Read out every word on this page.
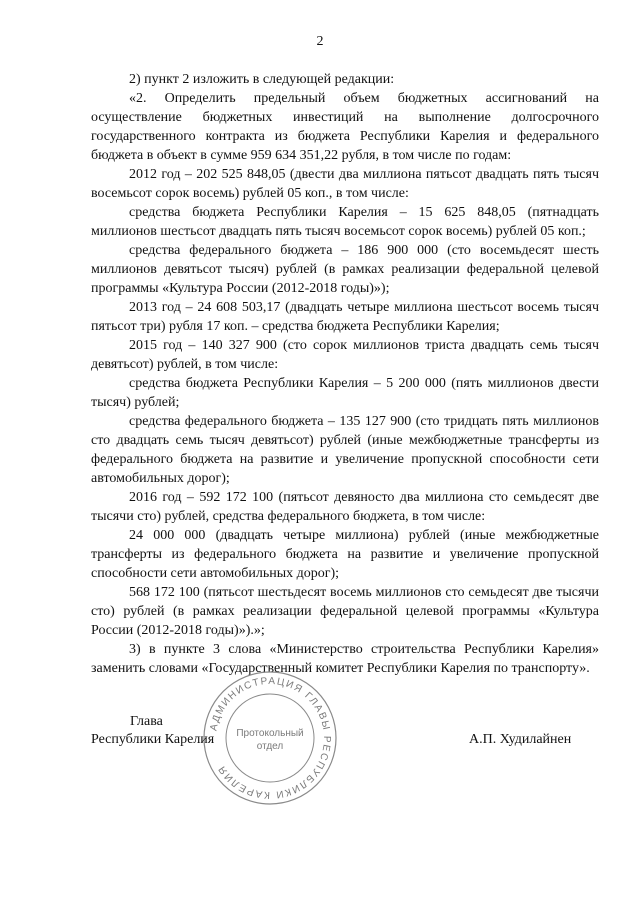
2

2) пункт 2 изложить в следующей редакции:

«2. Определить предельный объем бюджетных ассигнований на осуществление бюджетных инвестиций на выполнение долгосрочного государственного контракта из бюджета Республики Карелия и федерального бюджета в объект в сумме 959 634 351,22 рубля, в том числе по годам:

2012 год – 202 525 848,05 (двести два миллиона пятьсот двадцать пять тысяч восемьсот сорок восемь) рублей 05 коп., в том числе:

средства бюджета Республики Карелия – 15 625 848,05 (пятнадцать миллионов шестьсот двадцать пять тысяч восемьсот сорок восемь) рублей 05 коп.;

средства федерального бюджета – 186 900 000 (сто восемьдесят шесть миллионов девятьсот тысяч) рублей (в рамках реализации федеральной целевой программы «Культура России (2012-2018 годы)»);

2013 год – 24 608 503,17 (двадцать четыре миллиона шестьсот восемь тысяч пятьсот три) рубля 17 коп. – средства бюджета Республики Карелия;

2015 год – 140 327 900 (сто сорок миллионов триста двадцать семь тысяч девятьсот) рублей, в том числе:

средства бюджета Республики Карелия – 5 200 000 (пять миллионов двести тысяч) рублей;

средства федерального бюджета – 135 127 900 (сто тридцать пять миллионов сто двадцать семь тысяч девятьсот) рублей (иные межбюджетные трансферты из федерального бюджета на развитие и увеличение пропускной способности сети автомобильных дорог);

2016 год – 592 172 100 (пятьсот девяносто два миллиона сто семьдесят две тысячи сто) рублей, средства федерального бюджета, в том числе:

24 000 000 (двадцать четыре миллиона) рублей (иные межбюджетные трансферты из федерального бюджета на развитие и увеличение пропускной способности сети автомобильных дорог);

568 172 100 (пятьсот шестьдесят восемь миллионов сто семьдесят две тысячи сто) рублей (в рамках реализации федеральной целевой программы «Культура России (2012-2018 годы)»).»;

3) в пункте 3 слова «Министерство строительства Республики Карелия» заменить словами «Государственный комитет Республики Карелия по транспорту».

АДМИНИСТРАЦИЯ ГЛАВЫ РЕСПУБЛИКИ КАРЕЛИЯ
Протокольный
отдел
Глава
Республики Карелия	А.П. Худилайнен
